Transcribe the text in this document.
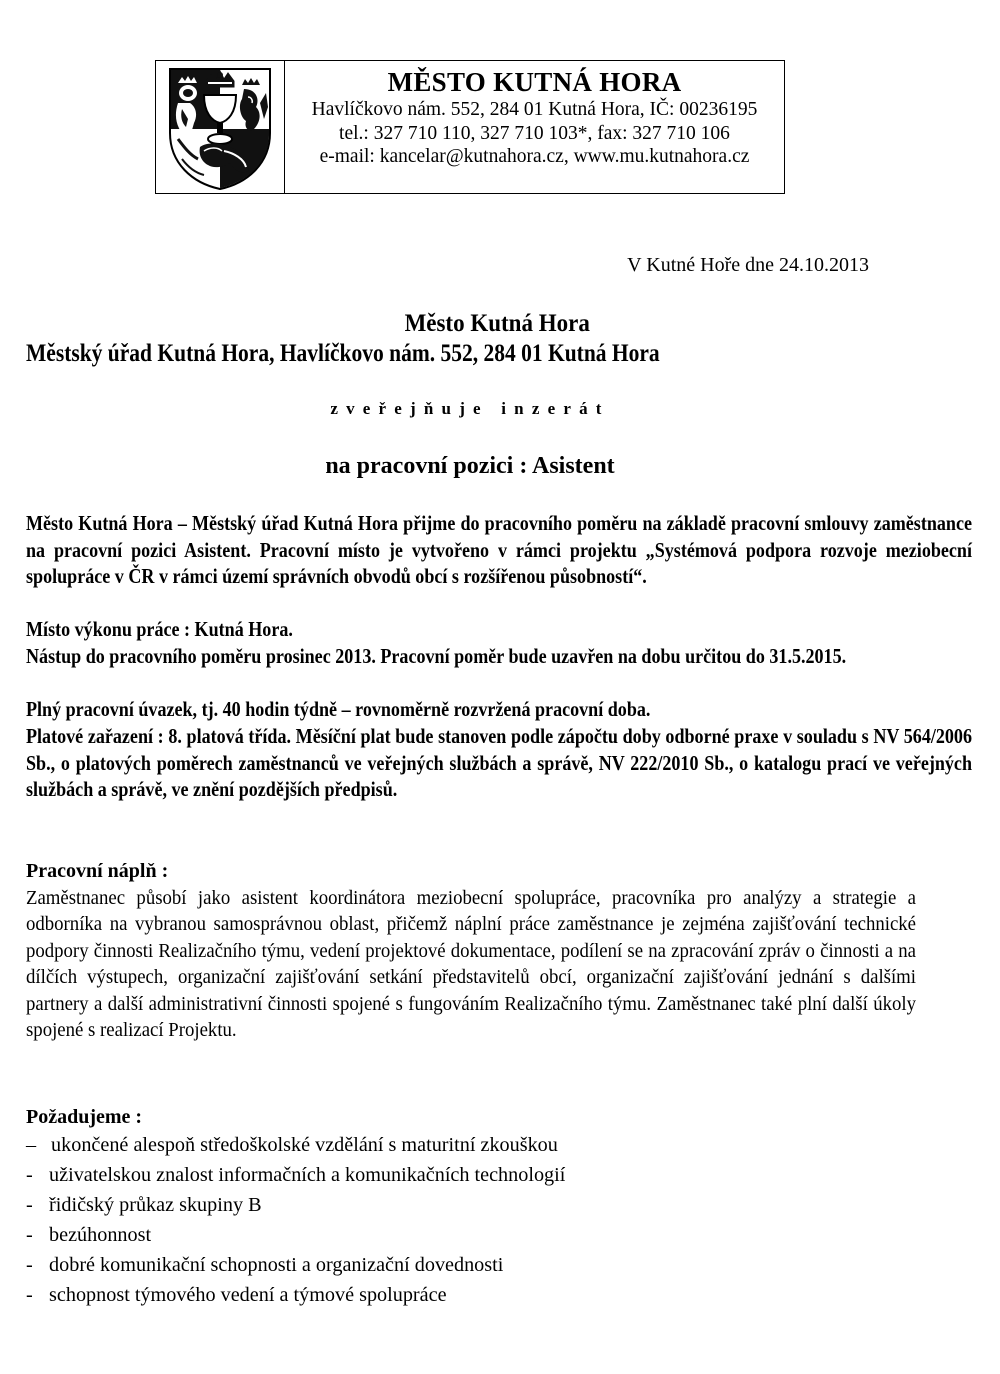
MĚSTO KUTNÁ HORA
Havlíčkovo nám. 552, 284 01 Kutná Hora, IČ: 00236195
tel.: 327 710 110, 327 710 103*, fax: 327 710 106
e-mail: kancelar@kutnahora.cz, www.mu.kutnahora.cz
V Kutné Hoře dne 24.10.2013
Město Kutná Hora
Městský úřad Kutná Hora, Havlíčkovo nám. 552, 284 01 Kutná Hora
zveřejňuje inzerát
na pracovní pozici : Asistent

Město Kutná Hora – Městský úřad Kutná Hora přijme do pracovního poměru na základě pracovní smlouvy zaměstnance na pracovní pozici Asistent. Pracovní místo je vytvořeno v rámci projektu „Systémová podpora rozvoje meziobecní spolupráce v ČR v rámci území správních obvodů obcí s rozšířenou působností“.

Místo výkonu práce : Kutná Hora.

Nástup do pracovního poměru prosinec 2013. Pracovní poměr bude uzavřen na dobu určitou do 31.5.2015.

Plný pracovní úvazek, tj. 40 hodin týdně – rovnoměrně rozvržená pracovní doba.

Platové zařazení : 8. platová třída. Měsíční plat bude stanoven podle zápočtu doby odborné praxe v souladu s NV 564/2006 Sb., o platových poměrech zaměstnanců ve veřejných službách a správě, NV 222/2010 Sb., o katalogu prací ve veřejných službách a správě, ve znění pozdějších předpisů.

Pracovní náplň :

Zaměstnanec působí jako asistent koordinátora meziobecní spolupráce, pracovníka pro analýzy a strategie a odborníka na vybranou samosprávnou oblast, přičemž náplní práce zaměstnance je zejména zajišťování technické podpory činnosti Realizačního týmu, vedení projektové dokumentace, podílení se na zpracování zpráv o činnosti a na dílčích výstupech, organizační zajišťování setkání představitelů obcí, organizační zajišťování jednání s dalšími partnery a další administrativní činnosti spojené s fungováním Realizačního týmu. Zaměstnanec také plní další úkoly spojené s realizací Projektu.

Požadujeme :

–
ukončené alespoň středoškolské vzdělání s maturitní zkouškou
-
uživatelskou znalost informačních a komunikačních technologií
-
řidičský průkaz skupiny B
-
bezúhonnost
-
dobré komunikační schopnosti a organizační dovednosti
-
schopnost týmového vedení a týmové spolupráce
